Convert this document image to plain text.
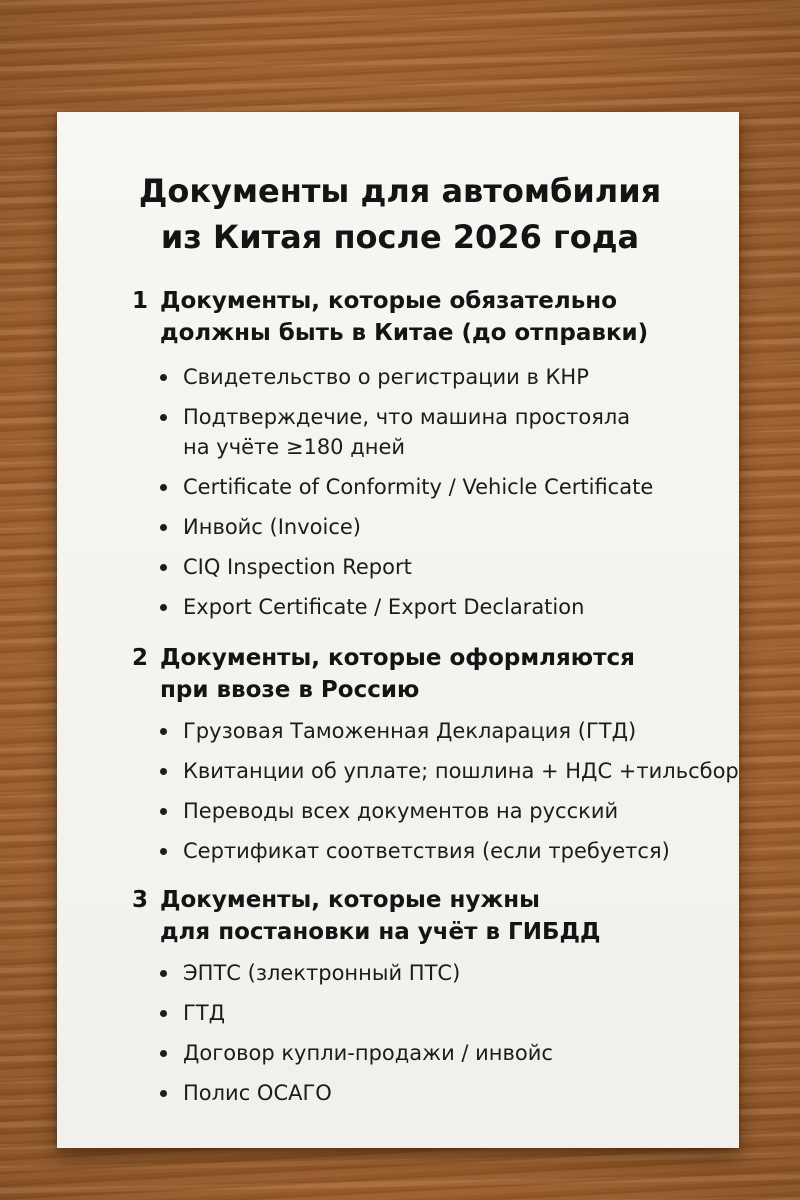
Документы для автомбилия
из Китая после 2026 года
1 Документы, которые обязательно
должны быть в Китае (до отправки)
Свидетельство о регистрации в КНР
Подтверждечие, что машина простояла
на учёте ≥180 дней
Certificate of Conformity / Vehicle Certificate
Инвойс (Invoice)
CIQ Inspection Report
Export Certificate / Export Declaration
2 Документы, которые оформляются
при ввозе в Россию
Грузовая Таможенная Декларация (ГТД)
Квитанции об уплате; пошлина + НДС +тильсбор
Переводы всех документов на русский
Сертификат соответствия (если требуется)
3 Документы, которые нужны
для постановки на учёт в ГИБДД
ЭПТС (злектронный ПТС)
ГТД
Договор купли-продажи / инвойс
Полис ОСАГО
